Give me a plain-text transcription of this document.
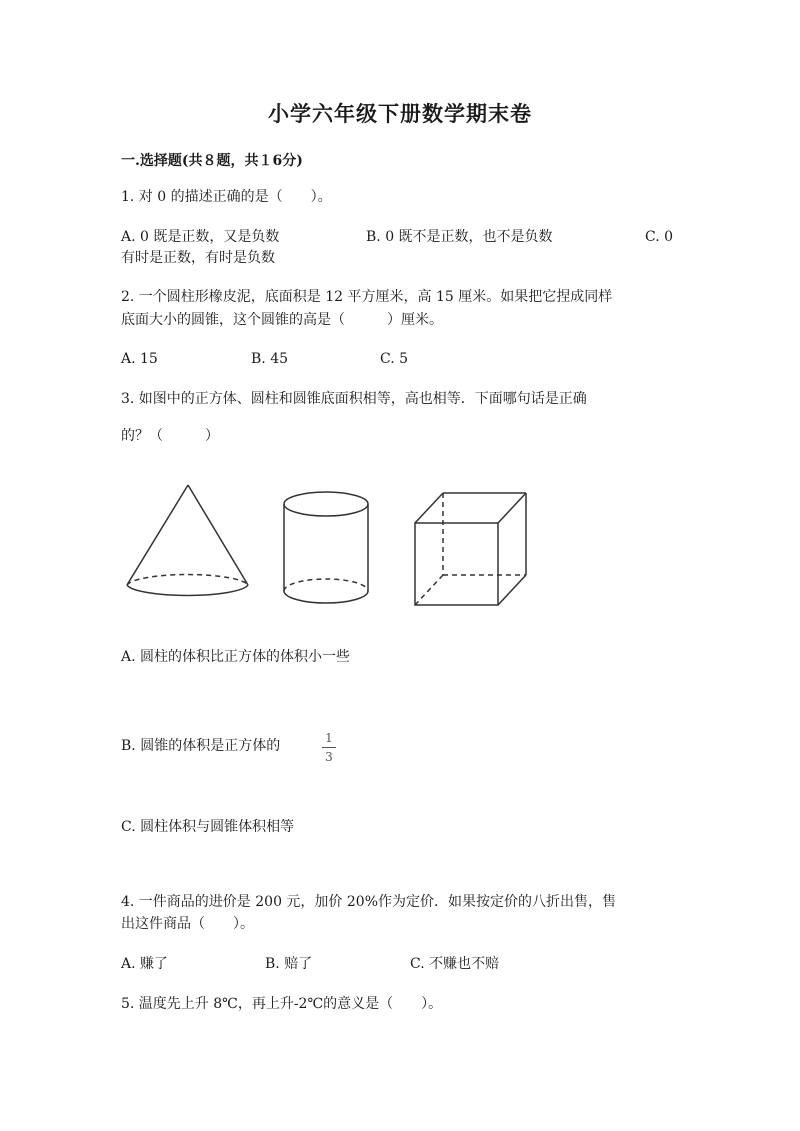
小学六年级下册数学期末卷
一.选择题(共８题，共１6分)
1. 对 0 的描述正确的是（　　）。
A. 0 既是正数，又是负数	B. 0 既不是正数，也不是负数	C. 0
有时是正数，有时是负数
2. 一个圆柱形橡皮泥，底面积是 12 平方厘米，高 15 厘米。如果把它捏成同样
底面大小的圆锥，这个圆锥的高是（　　　）厘米。
A. 15	B. 45	C. 5
3. 如图中的正方体、圆柱和圆锥底面积相等，高也相等．下面哪句话是正确
的？（　　　）
A. 圆柱的体积比正方体的体积小一些
B. 圆锥的体积是正方体的	1
3
C. 圆柱体积与圆锥体积相等
4. 一件商品的进价是 200 元，加价 20%作为定价．如果按定价的八折出售，售
出这件商品（　　）。
A. 赚了	B. 赔了	C. 不赚也不赔
5. 温度先上升 8℃，再上升-2℃的意义是（　　）。
